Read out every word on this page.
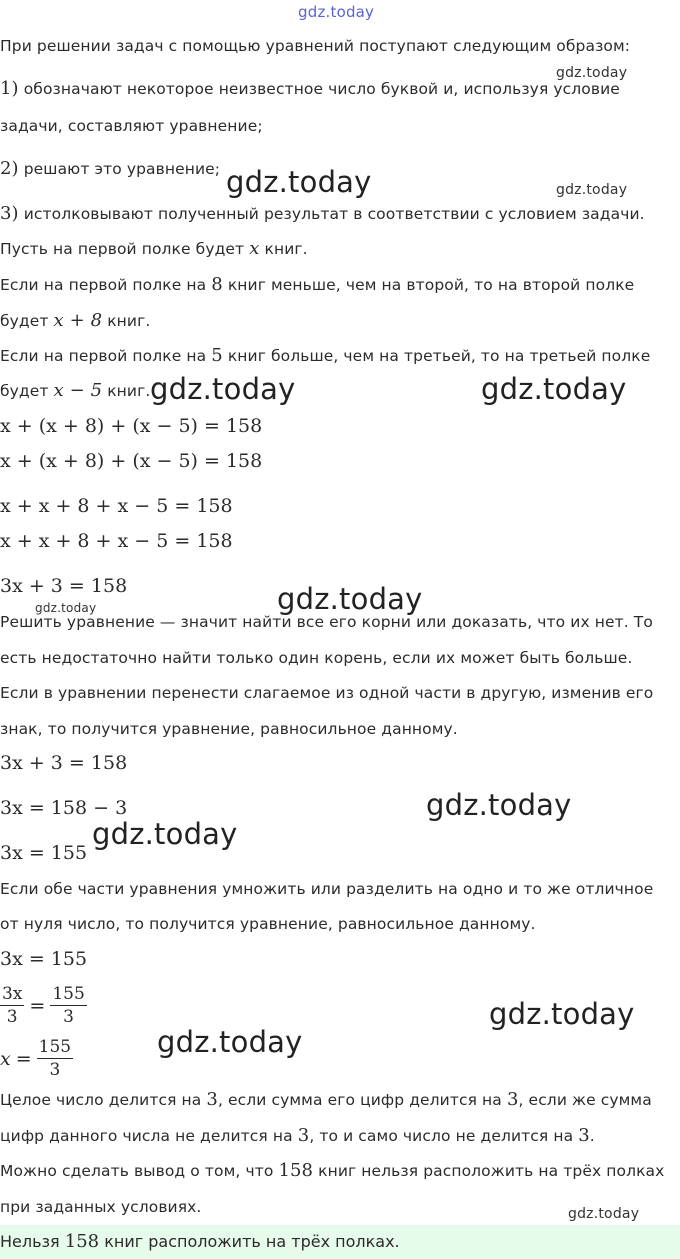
gdz.today
При решении задач с помощью уравнений поступают следующим образом:
1) обозначают некоторое неизвестное число буквой и, используя условие
задачи, составляют уравнение;
2) решают это уравнение;
3) истолковывают полученный результат в соответствии с условием задачи.
Пусть на первой полке будет x книг.
Если на первой полке на 8 книг меньше, чем на второй, то на второй полке
будет x + 8 книг.
Если на первой полке на 5 книг больше, чем на третьей, то на третьей полке
будет x − 5 книг.
x + (x + 8) + (x − 5) = 158
x + (x + 8) + (x − 5) = 158
x + x + 8 + x − 5 = 158
x + x + 8 + x − 5 = 158
3x + 3 = 158
Решить уравнение — значит найти все его корни или доказать, что их нет. То
есть недостаточно найти только один корень, если их может быть больше.
Если в уравнении перенести слагаемое из одной части в другую, изменив его
знак, то получится уравнение, равносильное данному.
3x + 3 = 158
3x = 158 − 3
3x = 155
Если обе части уравнения умножить или разделить на одно и то же отличное
от нуля число, то получится уравнение, равносильное данному.
3x = 155
$\frac{3x}{3} = \frac{155}{3}$
$x = \frac{155}{3}$
Целое число делится на 3, если сумма его цифр делится на 3, если же сумма
цифр данного числа не делится на 3, то и само число не делится на 3.
Можно сделать вывод о том, что 158 книг нельзя расположить на трёх полках
при заданных условиях.
Нельзя 158 книг расположить на трёх полках.
gdz.today
gdz.today	gdz.today
gdz.today	gdz.today
gdz.today
gdz.today
gdz.today
gdz.today
gdz.today
gdz.today
gdz.today
